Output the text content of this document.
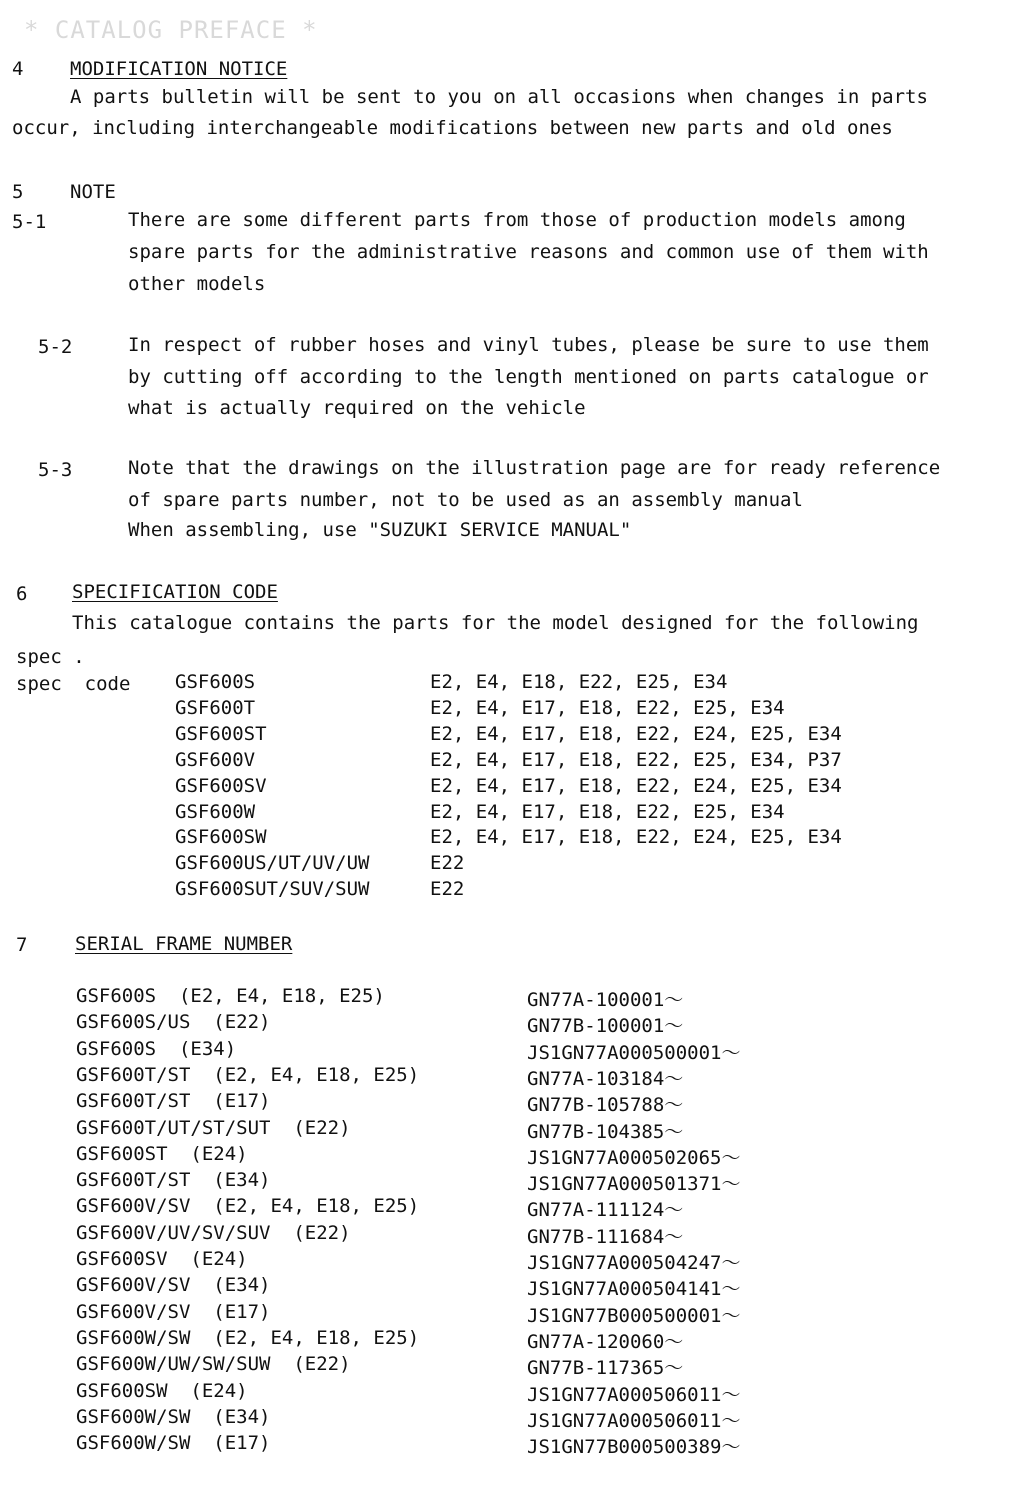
* CATALOG PREFACE *
4 MODIFICATION NOTICE
A parts bulletin will be sent to you on all occasions when changes in parts
occur, including interchangeable modifications between new parts and old ones
5 NOTE
5-1	There are some different parts from those of production models among
spare parts for the administrative reasons and common use of them with
other models
5-2	In respect of rubber hoses and vinyl tubes, please be sure to use them
by cutting off according to the length mentioned on parts catalogue or
what is actually required on the vehicle
5-3	Note that the drawings on the illustration page are for ready reference
of spare parts number, not to be used as an assembly manual
When assembling, use "SUZUKI SERVICE MANUAL"
6 SPECIFICATION CODE
This catalogue contains the parts for the model designed for the following
spec .
spec  code GSF600S	E2, E4, E18, E22, E25, E34
GSF600T	E2, E4, E17, E18, E22, E25, E34
GSF600ST	E2, E4, E17, E18, E22, E24, E25, E34
GSF600V	E2, E4, E17, E18, E22, E25, E34, P37
GSF600SV	E2, E4, E17, E18, E22, E24, E25, E34
GSF600W	E2, E4, E17, E18, E22, E25, E34
GSF600SW	E2, E4, E17, E18, E22, E24, E25, E34
GSF600US/UT/UV/UW	E22
GSF600SUT/SUV/SUW	E22
7	SERIAL FRAME NUMBER
GSF600S  (E2, E4, E18, E25)	GN77A-100001～
GSF600S/US  (E22)	GN77B-100001～
GSF600S  (E34)	JS1GN77A000500001～
GSF600T/ST  (E2, E4, E18, E25)	GN77A-103184～
GSF600T/ST  (E17)	GN77B-105788～
GSF600T/UT/ST/SUT  (E22)	GN77B-104385～
GSF600ST  (E24)	JS1GN77A000502065～
GSF600T/ST  (E34)	JS1GN77A000501371～
GSF600V/SV  (E2, E4, E18, E25)	GN77A-111124～
GSF600V/UV/SV/SUV  (E22)	GN77B-111684～
GSF600SV  (E24)	JS1GN77A000504247～
GSF600V/SV  (E34)	JS1GN77A000504141～
GSF600V/SV  (E17)	JS1GN77B000500001～
GSF600W/SW  (E2, E4, E18, E25)	GN77A-120060～
GSF600W/UW/SW/SUW  (E22)	GN77B-117365～
GSF600SW  (E24)	JS1GN77A000506011～
GSF600W/SW  (E34)	JS1GN77A000506011～
GSF600W/SW  (E17)	JS1GN77B000500389～
